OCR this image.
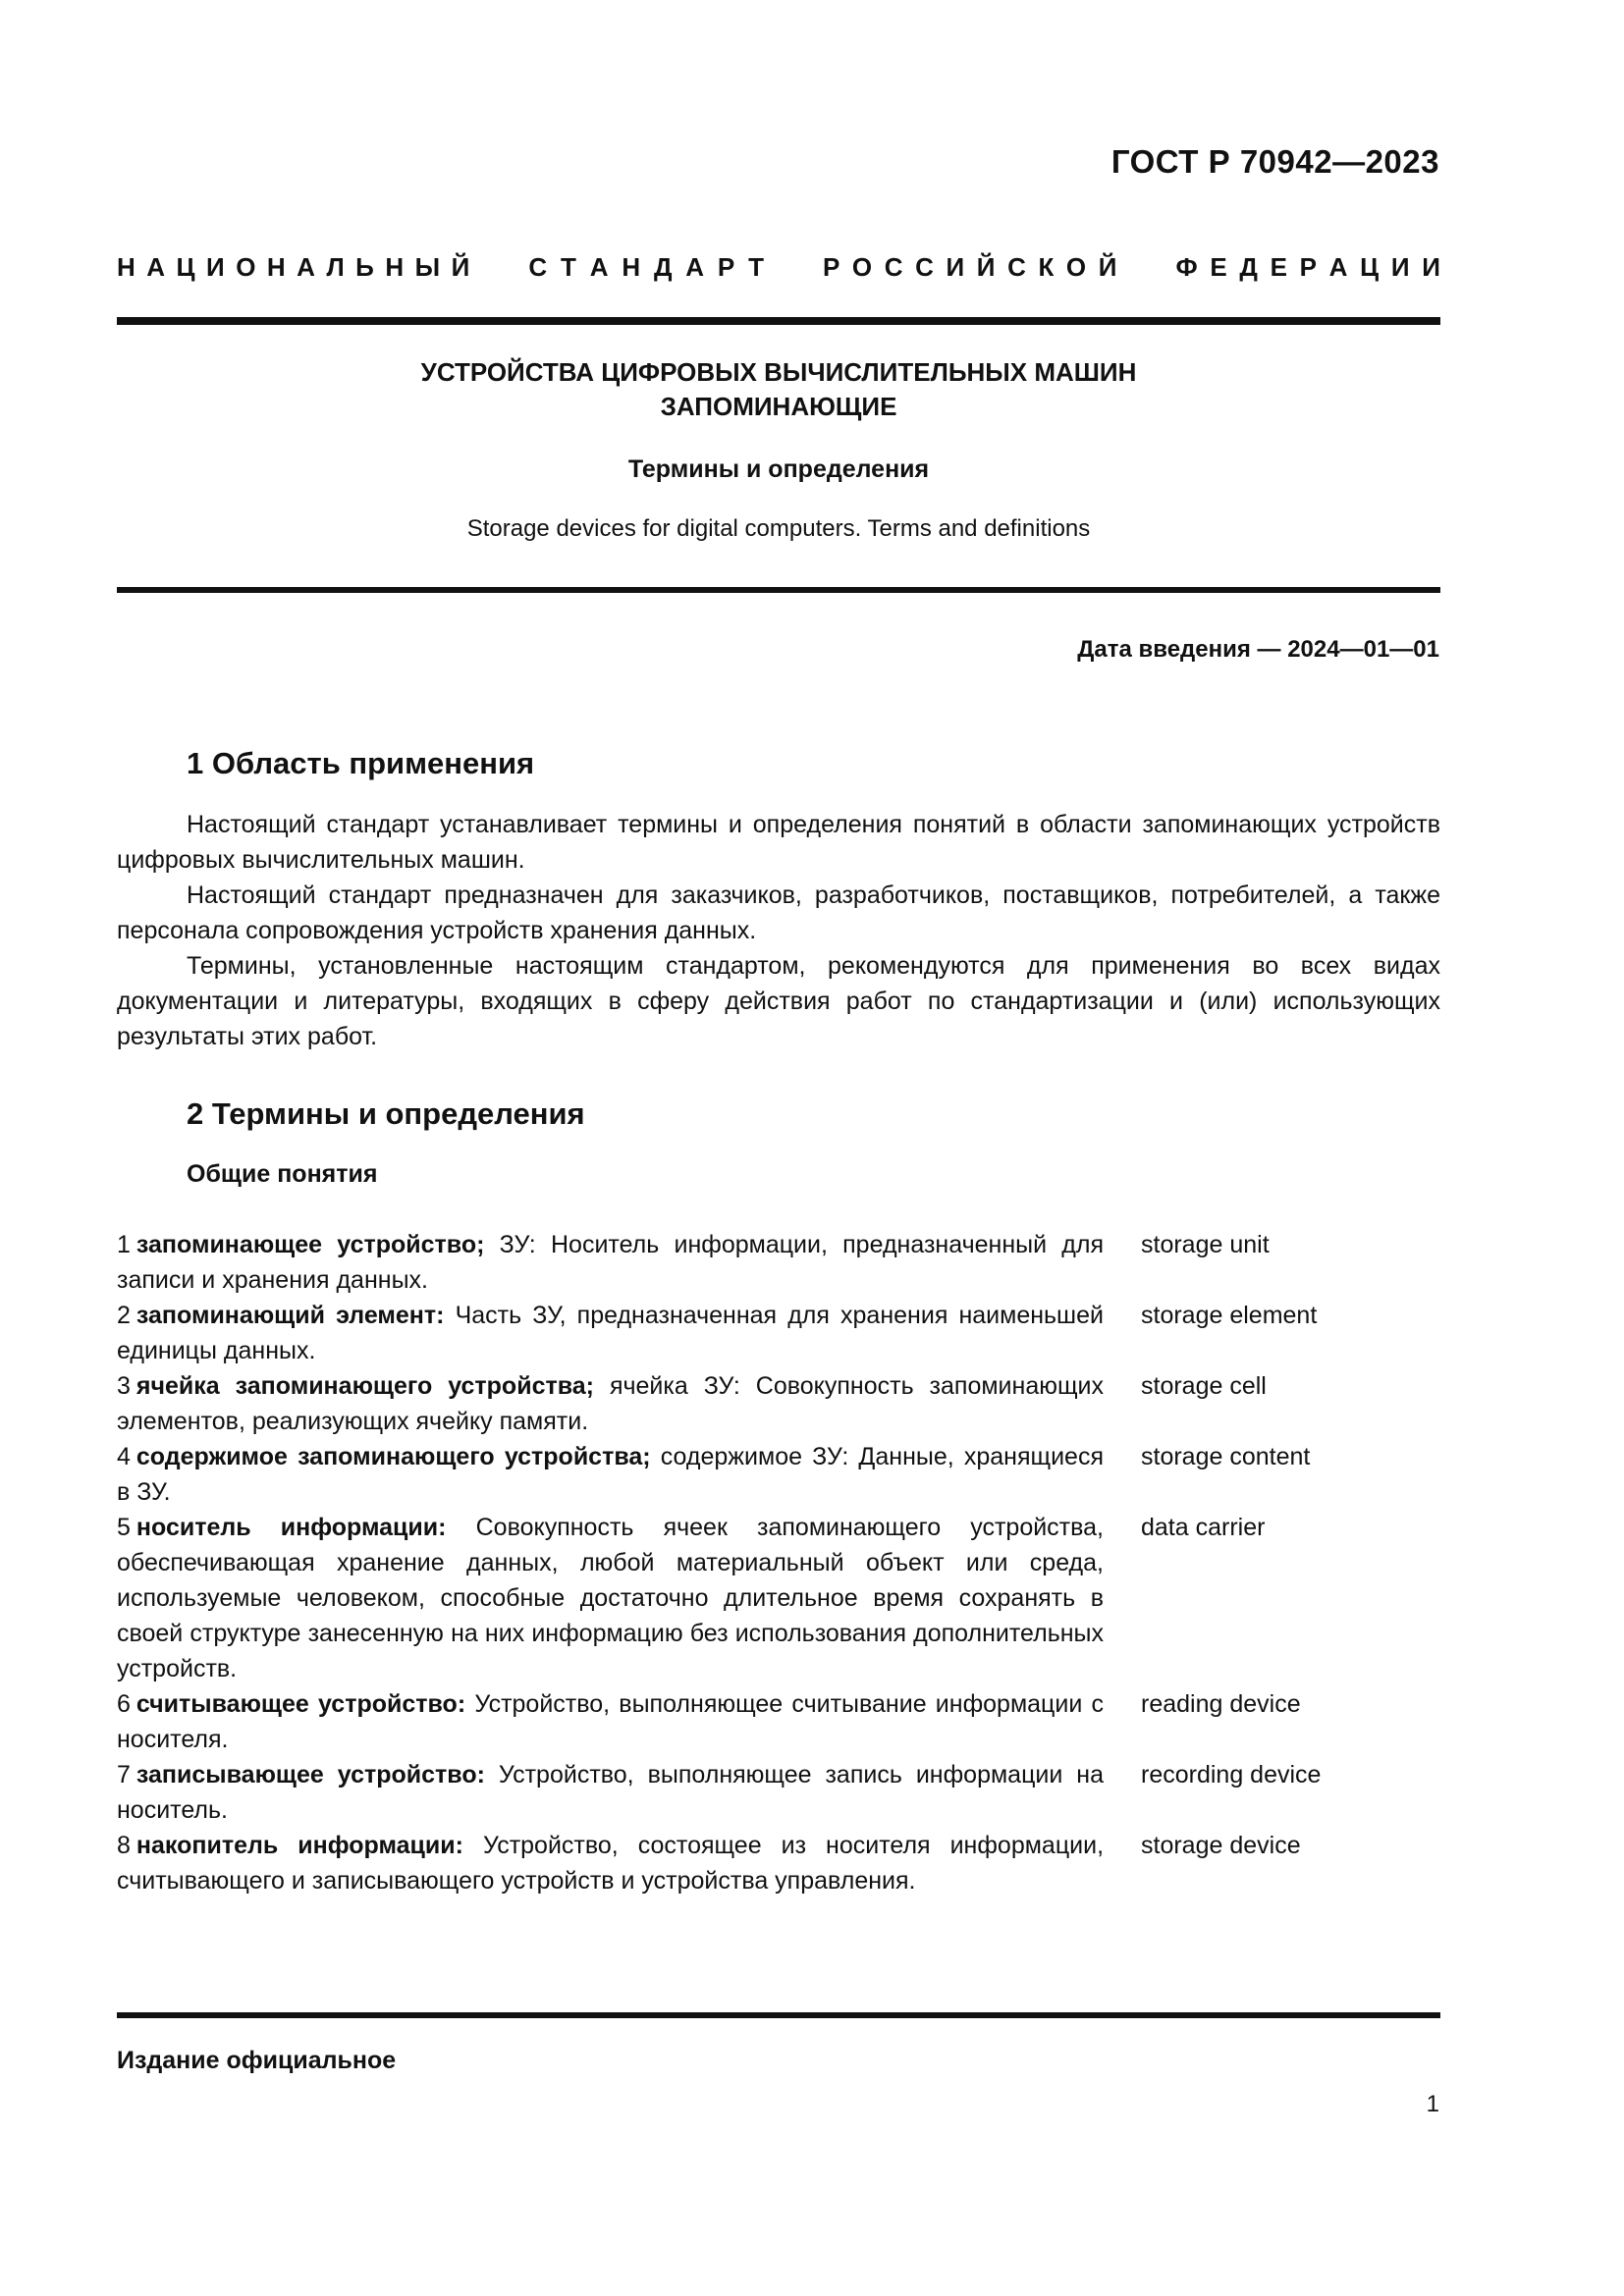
ГОСТ Р 70942—2023
Н А Ц И О Н А Л Ь Н Ы Й С Т А Н Д А Р Т Р О С С И Й С К О Й Ф Е Д Е Р А Ц И И
УСТРОЙСТВА ЦИФРОВЫХ ВЫЧИСЛИТЕЛЬНЫХ МАШИН
ЗАПОМИНАЮЩИЕ
Термины и определения
Storage devices for digital computers. Terms and definitions
Дата введения — 2024—01—01
1 Область применения

Настоящий стандарт устанавливает термины и определения понятий в области запоминающих устройств цифровых вычислительных машин.

Настоящий стандарт предназначен для заказчиков, разработчиков, поставщиков, потребителей, а также персонала сопровождения устройств хранения данных.

Термины, установленные настоящим стандартом, рекомендуются для применения во всех видах документации и литературы, входящих в сферу действия работ по стандартизации и (или) использующих результаты этих работ.

2 Термины и определения
Общие понятия
1 запоминающее устройство; ЗУ: Носитель информации, предназначенный для записи и хранения данных.
storage unit
2 запоминающий элемент: Часть ЗУ, предназначенная для хранения наименьшей единицы данных.
storage element
3 ячейка запоминающего устройства; ячейка ЗУ: Совокупность запоминающих элементов, реализующих ячейку памяти.
storage cell
4 содержимое запоминающего устройства; содержимое ЗУ: Данные, хранящиеся в ЗУ.
storage content
5 носитель информации: Совокупность ячеек запоминающего устройства, обеспечивающая хранение данных, любой материальный объект или среда, используемые человеком, способные достаточно длительное время сохранять в своей структуре занесенную на них информацию без использования дополнительных устройств.
data carrier
6 считывающее устройство: Устройство, выполняющее считывание информации с носителя.
reading device
7 записывающее устройство: Устройство, выполняющее запись информации на носитель.
recording device
8 накопитель информации: Устройство, состоящее из носителя информации, считывающего и записывающего устройств и устройства управления.
storage device
Издание официальное
1
